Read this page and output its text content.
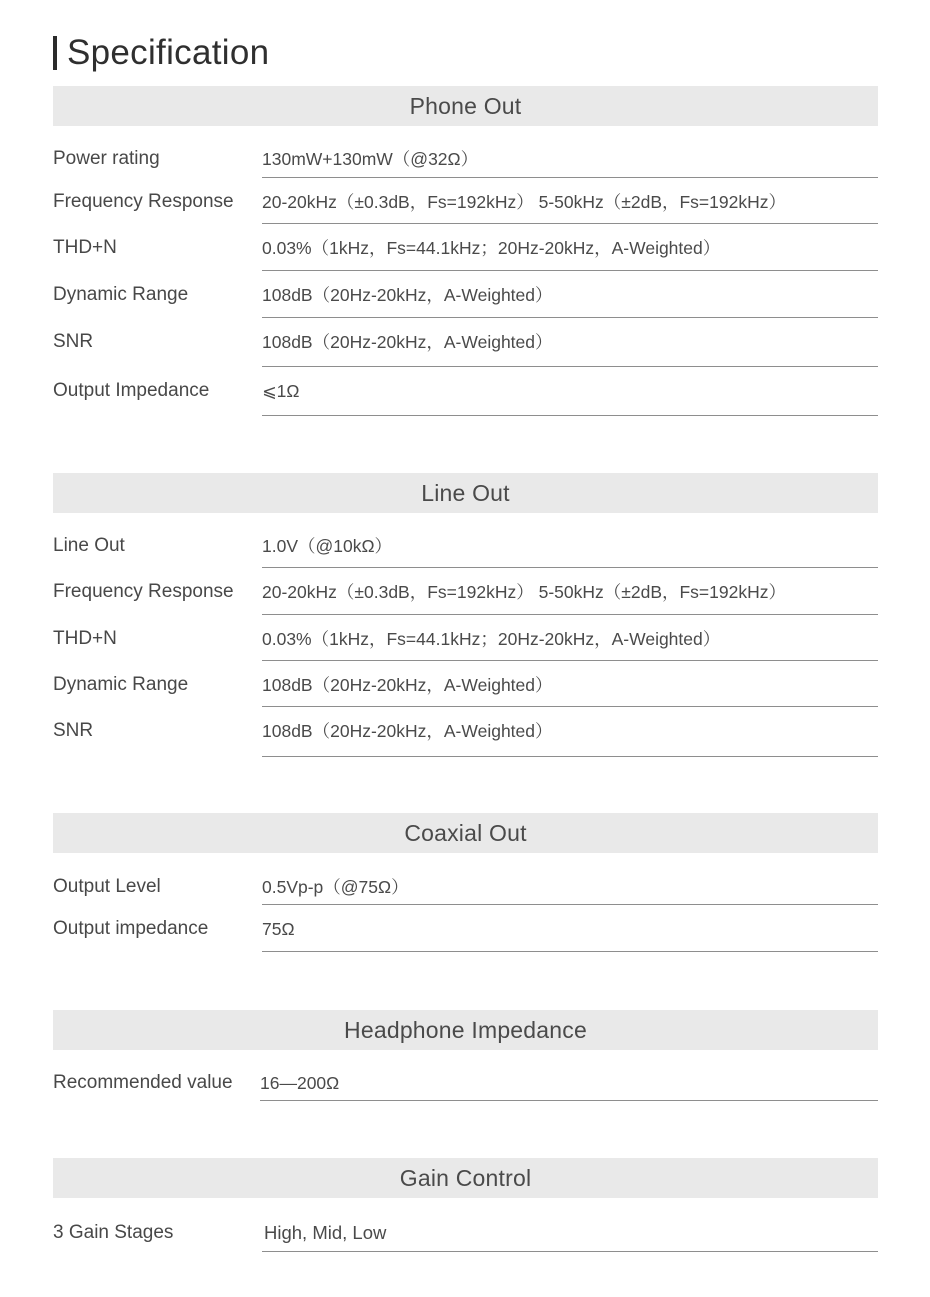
Specification
Phone Out
Power rating	130mW+130mW（@32Ω）
Frequency Response 20-20kHz（±0.3dB，Fs=192kHz） 5-50kHz（±2dB，Fs=192kHz）
THD+N	0.03%（1kHz，Fs=44.1kHz；20Hz-20kHz，A-Weighted）
Dynamic Range	108dB（20Hz-20kHz，A-Weighted）
SNR	108dB（20Hz-20kHz，A-Weighted）
Output Impedance	⩽1Ω
Line Out
Line Out	1.0V（@10kΩ）
Frequency Response 20-20kHz（±0.3dB，Fs=192kHz） 5-50kHz（±2dB，Fs=192kHz）
THD+N	0.03%（1kHz，Fs=44.1kHz；20Hz-20kHz，A-Weighted）
Dynamic Range	108dB（20Hz-20kHz，A-Weighted）
SNR	108dB（20Hz-20kHz，A-Weighted）
Coaxial Out
Output Level	0.5Vp-p（@75Ω）
Output impedance	75Ω
Headphone Impedance
Recommended value 16—200Ω
Gain Control
3 Gain Stages	High, Mid, Low
